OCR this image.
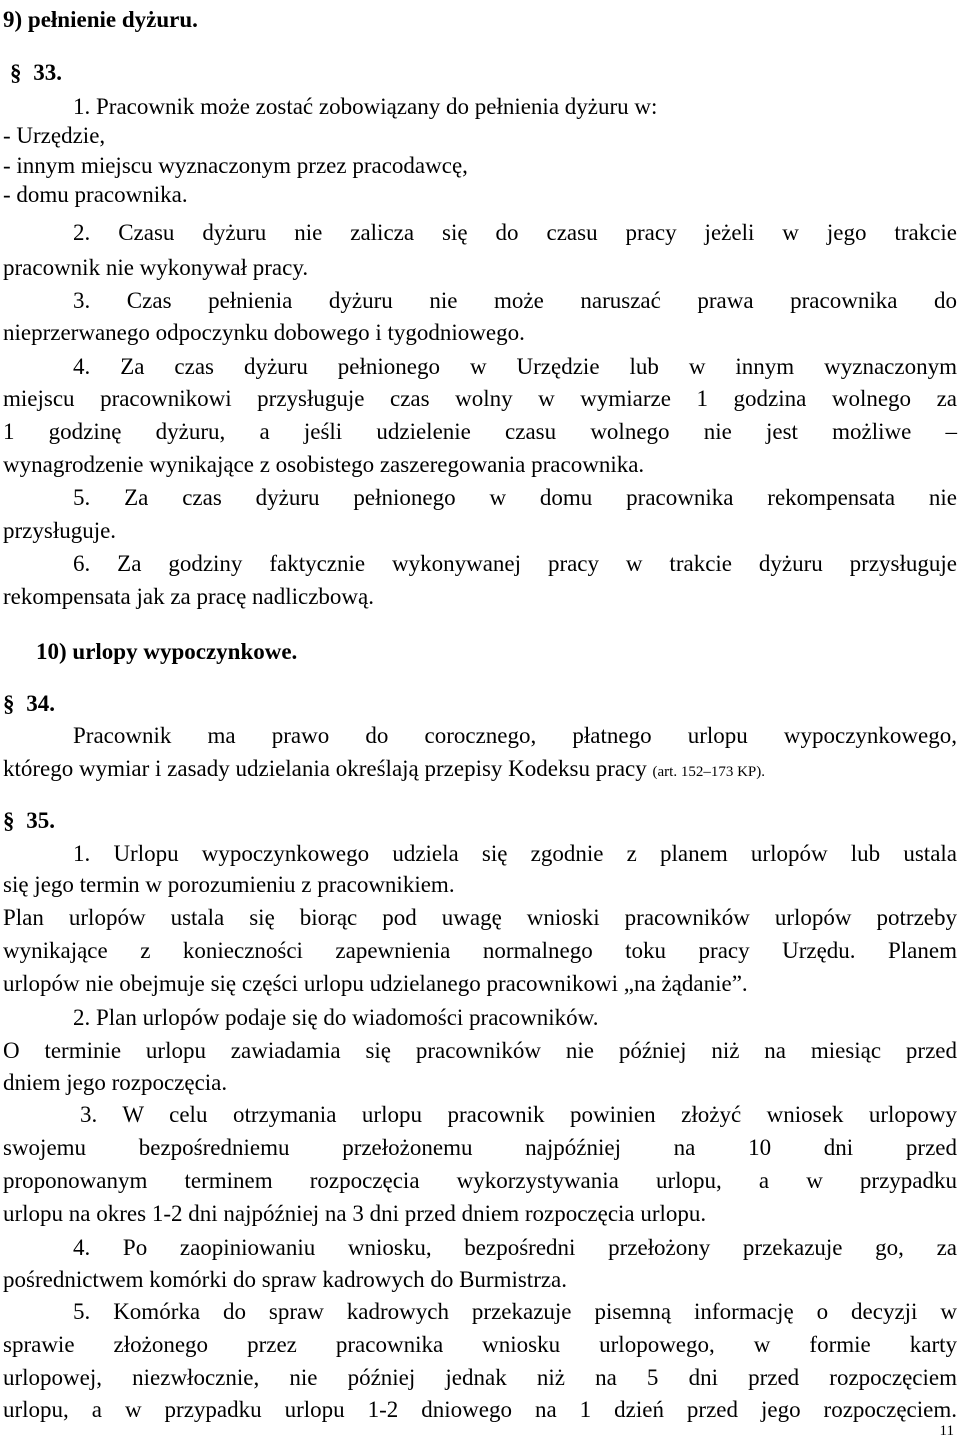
9) pełnienie dyżuru.
§ 33.
1. Pracownik może zostać zobowiązany do pełnienia dyżuru w:
- Urzędzie,
- innym miejscu wyznaczonym przez pracodawcę,
- domu pracownika.
2. Czasu dyżuru nie zalicza się do czasu pracy jeżeli w jego trakcie
pracownik nie wykonywał pracy.
3. Czas pełnienia dyżuru nie może naruszać prawa pracownika do
nieprzerwanego odpoczynku dobowego i tygodniowego.
4. Za czas dyżuru pełnionego w Urzędzie lub w innym wyznaczonym
miejscu pracownikowi przysługuje czas wolny w wymiarze 1 godzina wolnego za
1 godzinę dyżuru, a jeśli udzielenie czasu wolnego nie jest możliwe –
wynagrodzenie wynikające z osobistego zaszeregowania pracownika.
5. Za czas dyżuru pełnionego w domu pracownika rekompensata nie
przysługuje.
6. Za godziny faktycznie wykonywanej pracy w trakcie dyżuru przysługuje
rekompensata jak za pracę nadliczbową.
10) urlopy wypoczynkowe.
§ 34.
Pracownik ma prawo do corocznego, płatnego urlopu wypoczynkowego,
którego wymiar i zasady udzielania określają przepisy Kodeksu pracy (art. 152–173 KP).
§ 35.
1. Urlopu wypoczynkowego udziela się zgodnie z planem urlopów lub ustala
się jego termin w porozumieniu z pracownikiem.
Plan urlopów ustala się biorąc pod uwagę wnioski pracowników urlopów potrzeby
wynikające z konieczności zapewnienia normalnego toku pracy Urzędu. Planem
urlopów nie obejmuje się części urlopu udzielanego pracownikowi „na żądanie”.
2. Plan urlopów podaje się do wiadomości pracowników.
O terminie urlopu zawiadamia się pracowników nie później niż na miesiąc przed
dniem jego rozpoczęcia.
3. W celu otrzymania urlopu pracownik powinien złożyć wniosek urlopowy
swojemu bezpośredniemu przełożonemu najpóźniej na 10 dni przed
proponowanym terminem rozpoczęcia wykorzystywania urlopu, a w przypadku
urlopu na okres 1-2 dni najpóźniej na 3 dni przed dniem rozpoczęcia urlopu.
4. Po zaopiniowaniu wniosku, bezpośredni przełożony przekazuje go, za
pośrednictwem komórki do spraw kadrowych do Burmistrza.
5. Komórka do spraw kadrowych przekazuje pisemną informację o decyzji w
sprawie złożonego przez pracownika wniosku urlopowego, w formie karty
urlopowej, niezwłocznie, nie później jednak niż na 5 dni przed rozpoczęciem
urlopu, a w przypadku urlopu 1-2 dniowego na 1 dzień przed jego rozpoczęciem.
11
